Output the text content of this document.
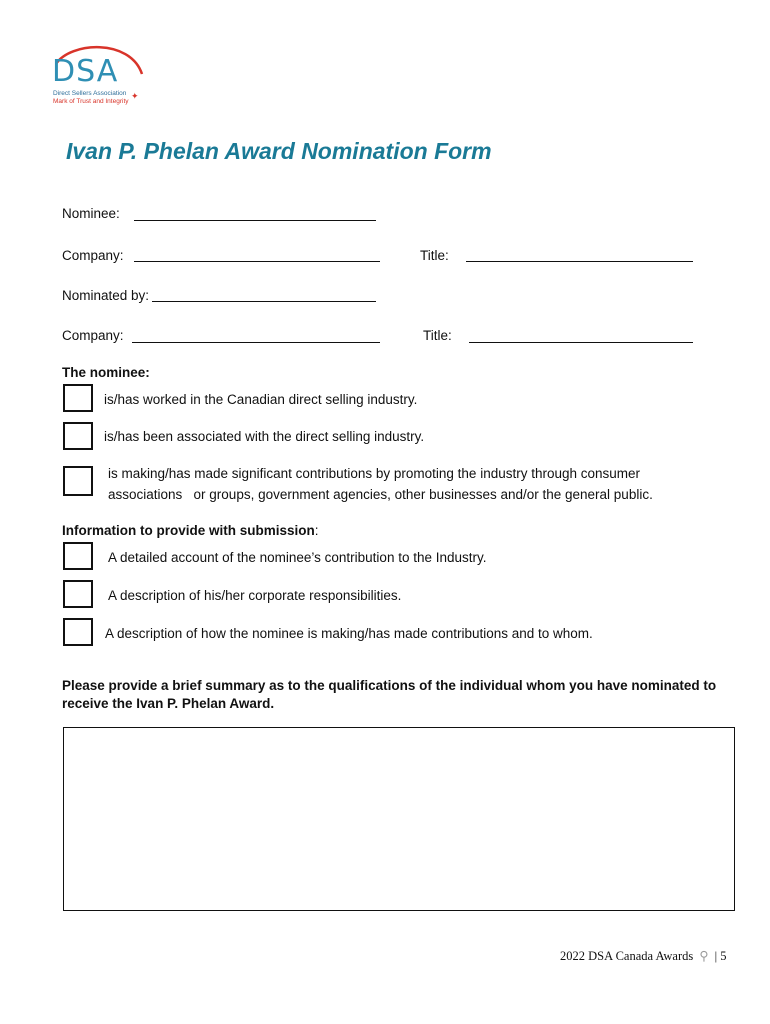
DSA
Direct Sellers Association
Mark of Trust and Integrity
✦
Ivan P. Phelan Award Nomination Form
Nominee:
Company:	Title:
Nominated by:
Company:	Title:
The nominee:
is/has worked in the Canadian direct selling industry.
is/has been associated with the direct selling industry.
is making/has made significant contributions by promoting the industry through consumer
associations   or groups, government agencies, other businesses and/or the general public.
Information to provide with submission:
A detailed account of the nominee’s contribution to the Industry.
A description of his/her corporate responsibilities.
A description of how the nominee is making/has made contributions and to whom.
Please provide a brief summary as to the qualifications of the individual whom you have nominated to
receive the Ivan P. Phelan Award.
2022 DSA Canada Awards ⚲ | 5
